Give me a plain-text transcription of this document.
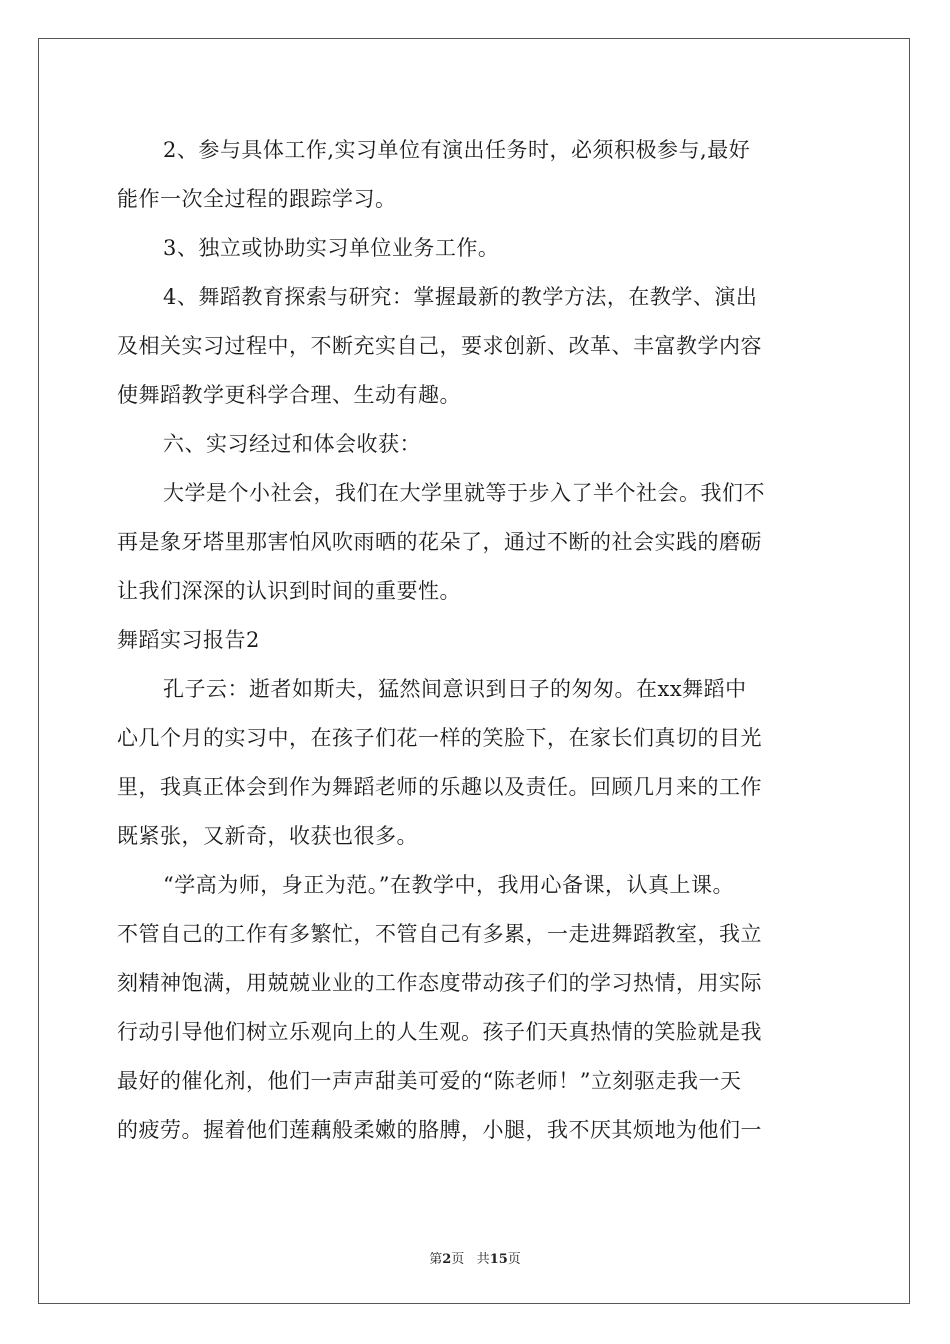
2、参与具体工作,实习单位有演出任务时，必须积极参与,最好
能作一次全过程的跟踪学习。
3、独立或协助实习单位业务工作。
4、舞蹈教育探索与研究：掌握最新的教学方法，在教学、演出
及相关实习过程中，不断充实自己，要求创新、改革、丰富教学内容
使舞蹈教学更科学合理、生动有趣。
六、实习经过和体会收获：
大学是个小社会，我们在大学里就等于步入了半个社会。我们不
再是象牙塔里那害怕风吹雨晒的花朵了，通过不断的社会实践的磨砺
让我们深深的认识到时间的重要性。
舞蹈实习报告2
孔子云：逝者如斯夫，猛然间意识到日子的匆匆。在xx舞蹈中
心几个月的实习中，在孩子们花一样的笑脸下，在家长们真切的目光
里，我真正体会到作为舞蹈老师的乐趣以及责任。回顾几月来的工作
既紧张，又新奇，收获也很多。
“学高为师，身正为范。”在教学中，我用心备课，认真上课。
不管自己的工作有多繁忙，不管自己有多累，一走进舞蹈教室，我立
刻精神饱满，用兢兢业业的工作态度带动孩子们的学习热情，用实际
行动引导他们树立乐观向上的人生观。孩子们天真热情的笑脸就是我
最好的催化剂，他们一声声甜美可爱的“陈老师！”立刻驱走我一天
的疲劳。握着他们莲藕般柔嫩的胳膊，小腿，我不厌其烦地为他们一
第2页 共15页
